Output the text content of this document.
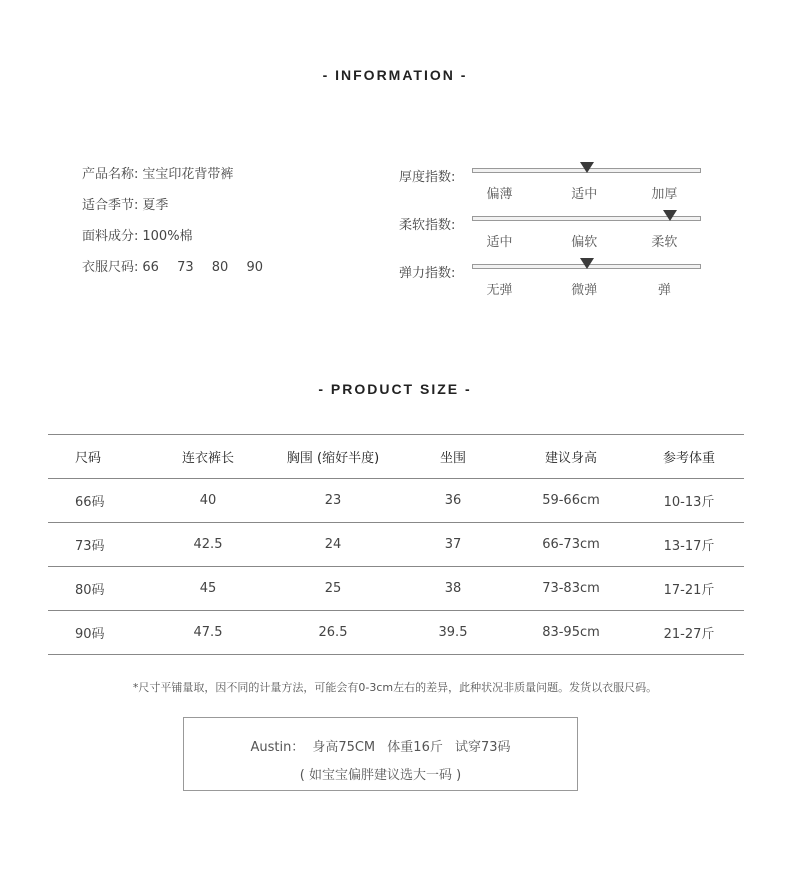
- INFORMATION -
产品名称: 宝宝印花背带裤
适合季节: 夏季
面料成分: 100%棉
衣服尺码: 66 73 80 90
厚度指数:
偏薄	适中	加厚
柔软指数:
适中	偏软	柔软
弹力指数:
无弹	微弹	弹
- PRODUCT SIZE -
尺码	连衣裤长	胸围 (缩好半度)	坐围	建议身高	参考体重
66码	40	23	36	59-66cm	10-13斤
73码	42.5	24	37	66-73cm	13-17斤
80码	45	25	38	73-83cm	17-21斤
90码	47.5	26.5	39.5	83-95cm	21-27斤
*尺寸平铺量取，因不同的计量方法，可能会有0-3cm左右的差异，此种状况非质量问题。发货以衣服尺码。
Austin： 身高75CM 体重16斤 试穿73码
( 如宝宝偏胖建议选大一码 )
